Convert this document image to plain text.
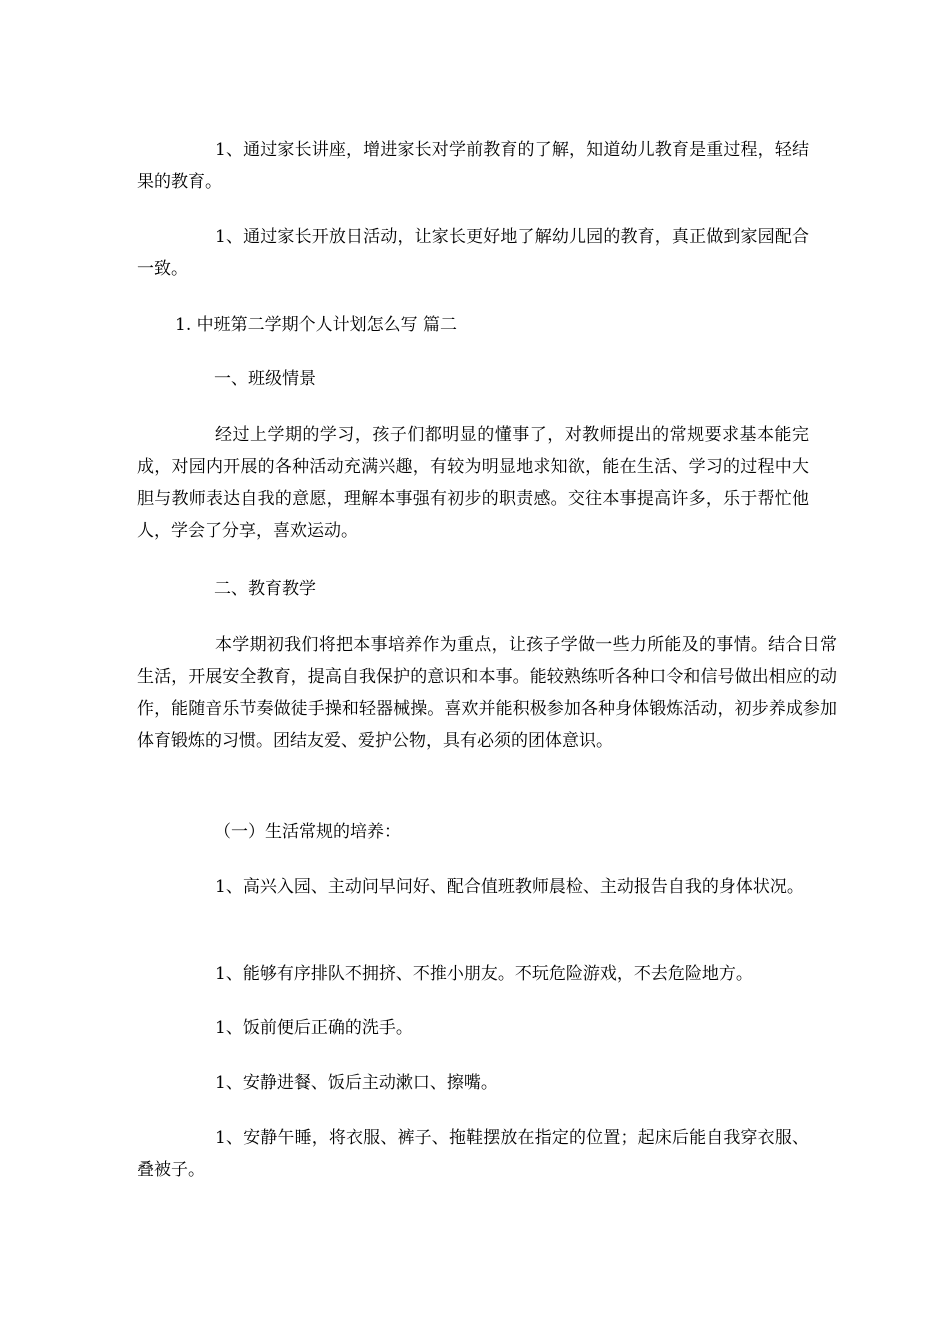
1、通过家长讲座，增进家长对学前教育的了解，知道幼儿教育是重过程，轻结果的教育。

1、通过家长开放日活动，让家长更好地了解幼儿园的教育，真正做到家园配合一致。

1. 中班第二学期个人计划怎么写 篇二

一、班级情景

经过上学期的学习，孩子们都明显的懂事了，对教师提出的常规要求基本能完成，对园内开展的各种活动充满兴趣，有较为明显地求知欲，能在生活、学习的过程中大胆与教师表达自我的意愿，理解本事强有初步的职责感。交往本事提高许多，乐于帮忙他人，学会了分享，喜欢运动。

二、教育教学

本学期初我们将把本事培养作为重点，让孩子学做一些力所能及的事情。结合日常生活，开展安全教育，提高自我保护的意识和本事。能较熟练听各种口令和信号做出相应的动作，能随音乐节奏做徒手操和轻器械操。喜欢并能积极参加各种身体锻炼活动，初步养成参加体育锻炼的习惯。团结友爱、爱护公物，具有必须的团体意识。

（一）生活常规的培养：

1、高兴入园、主动问早问好、配合值班教师晨检、主动报告自我的身体状况。

1、能够有序排队不拥挤、不推小朋友。不玩危险游戏，不去危险地方。

1、饭前便后正确的洗手。

1、安静进餐、饭后主动漱口、擦嘴。

1、安静午睡，将衣服、裤子、拖鞋摆放在指定的位置；起床后能自我穿衣服、叠被子。
